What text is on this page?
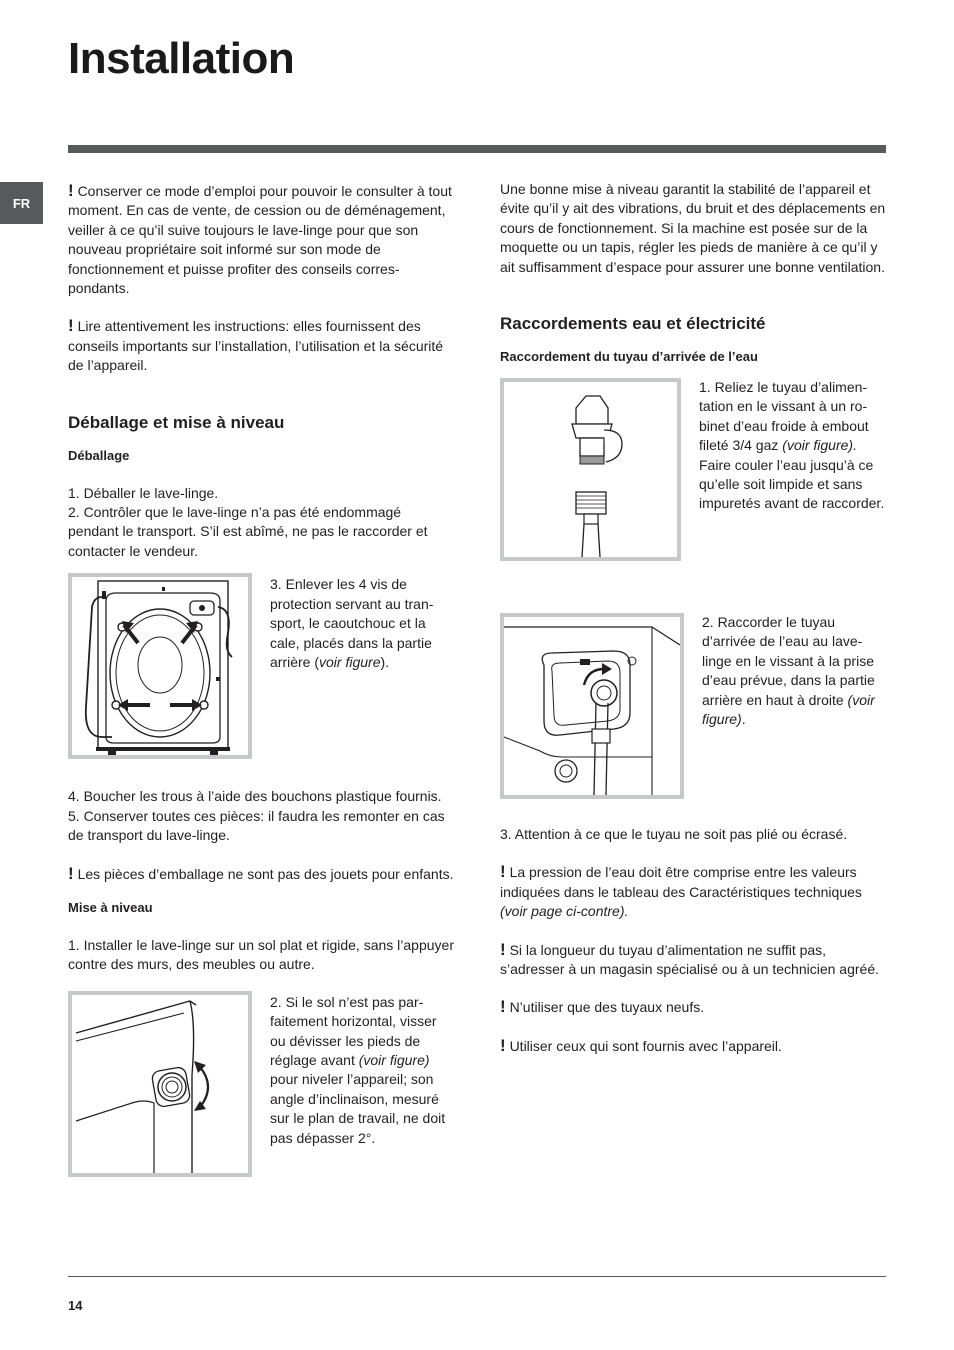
Installation
FR

! Conserver ce mode d’emploi pour pouvoir le consulter à tout moment. En cas de vente, de cession ou de déménagement, veiller à ce qu’il suive toujours le lave-linge pour que son nouveau propriétaire soit informé sur son mode de fonctionnement et puisse profiter des conseils correspondants.

! Lire attentivement les instructions: elles fournissent des conseils importants sur l’installation, l’utilisation et la sécurité de l’appareil.

Déballage et mise à niveau
Déballage

1. Déballer le lave-linge.

2. Contrôler que le lave-linge n’a pas été endommagé pendant le transport. S’il est abîmé, ne pas le raccorder et contacter le vendeur.

3. Enlever les 4 vis de protection servant au transport, le caoutchouc et la cale, placés dans la partie arrière (voir figure).

4. Boucher les trous à l’aide des bouchons plastique fournis.

5. Conserver toutes ces pièces: il faudra les remonter en cas de transport du lave-linge.

! Les pièces d’emballage ne sont pas des jouets pour enfants.

Mise à niveau

1. Installer le lave-linge sur un sol plat et rigide, sans l’appuyer contre des murs, des meubles ou autre.

2. Si le sol n’est pas parfaitement horizontal, visser ou dévisser les pieds de réglage avant (voir figure) pour niveler l’appareil; son angle d’inclinaison, mesuré sur le plan de travail, ne doit pas dépasser 2°.

Une bonne mise à niveau garantit la stabilité de l’appareil et évite qu’il y ait des vibrations, du bruit et des déplacements en cours de fonctionnement. Si la machine est posée sur de la moquette ou un tapis, régler les pieds de manière à ce qu’il y ait suffisamment d’espace pour assurer une bonne ventilation.

Raccordements eau et électricité
Raccordement du tuyau d’arrivée de l’eau

1. Reliez le tuyau d’alimentation en le vissant à un robinet d’eau froide à embout fileté 3/4 gaz (voir figure). Faire couler l’eau jusqu’à ce qu’elle soit limpide et sans impuretés avant de raccorder.

2. Raccorder le tuyau d’arrivée de l’eau au lave-linge en le vissant à la prise d’eau prévue, dans la partie arrière en haut à droite (voir figure).

3. Attention à ce que le tuyau ne soit pas plié ou écrasé.

! La pression de l’eau doit être comprise entre les valeurs indiquées dans le tableau des Caractéristiques techniques (voir page ci-contre).

! Si la longueur du tuyau d’alimentation ne suffit pas, s’adresser à un magasin spécialisé ou à un technicien agréé.

! N’utiliser que des tuyaux neufs.

! Utiliser ceux qui sont fournis avec l’appareil.

14
